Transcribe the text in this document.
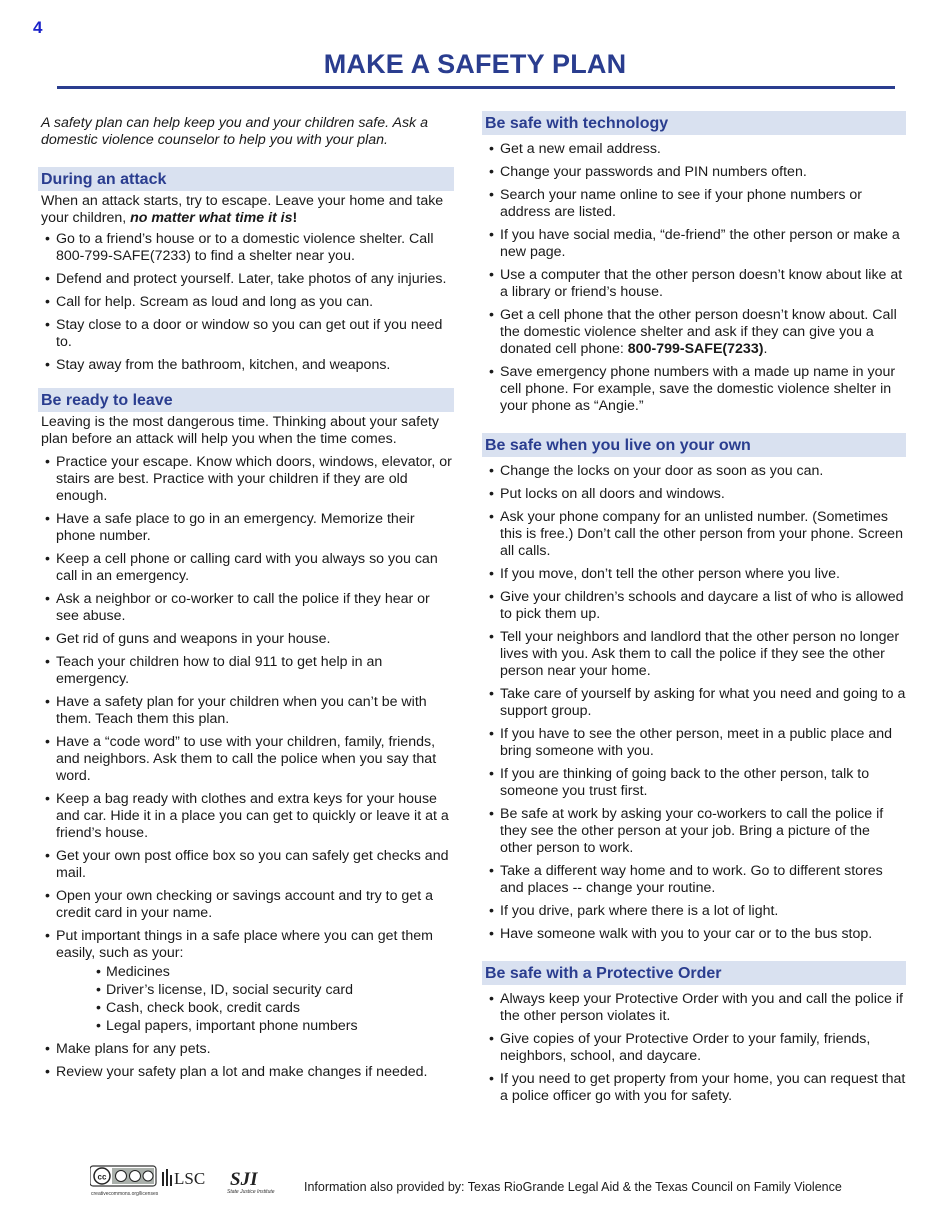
4
MAKE A SAFETY PLAN
A safety plan can help keep you and your children safe. Ask a domestic violence counselor to help you with your plan.
During an attack
When an attack starts, try to escape. Leave your home and take your children, no matter what time it is!
• Go to a friend’s house or to a domestic violence shelter. Call 800-799-SAFE(7233) to find a shelter near you.
• Defend and protect yourself. Later, take photos of any injuries.
• Call for help. Scream as loud and long as you can.
• Stay close to a door or window so you can get out if you need to.
• Stay away from the bathroom, kitchen, and weapons.
Be ready to leave
Leaving is the most dangerous time. Thinking about your safety plan before an attack will help you when the time comes.
• Practice your escape. Know which doors, windows, elevator, or stairs are best. Practice with your children if they are old enough.
• Have a safe place to go in an emergency. Memorize their phone number.
• Keep a cell phone or calling card with you always so you can call in an emergency.
• Ask a neighbor or co-worker to call the police if they hear or see abuse.
• Get rid of guns and weapons in your house.
• Teach your children how to dial 911 to get help in an emergency.
• Have a safety plan for your children when you can’t be with them. Teach them this plan.
• Have a “code word” to use with your children, family, friends, and neighbors. Ask them to call the police when you say that word.
• Keep a bag ready with clothes and extra keys for your house and car. Hide it in a place you can get to quickly or leave it at a friend’s house.
• Get your own post office box so you can safely get checks and mail.
• Open your own checking or savings account and try to get a credit card in your name.
• Put important things in a safe place where you can get them easily, such as your:
• Medicines
• Driver’s license, ID, social security card
• Cash, check book, credit cards
• Legal papers, important phone numbers
• Make plans for any pets.
• Review your safety plan a lot and make changes if needed.
Be safe with technology
• Get a new email address.
• Change your passwords and PIN numbers often.
• Search your name online to see if your phone numbers or address are listed.
• If you have social media, “de-friend” the other person or make a new page.
• Use a computer that the other person doesn’t know about like at a library or friend’s house.
• Get a cell phone that the other person doesn’t know about. Call the domestic violence shelter and ask if they can give you a donated cell phone: 800-799-SAFE(7233).
• Save emergency phone numbers with a made up name in your cell phone. For example, save the domestic violence shelter in your phone as “Angie.”
Be safe when you live on your own
• Change the locks on your door as soon as you can.
• Put locks on all doors and windows.
• Ask your phone company for an unlisted number. (Sometimes this is free.) Don’t call the other person from your phone. Screen all calls.
• If you move, don’t tell the other person where you live.
• Give your children’s schools and daycare a list of who is allowed to pick them up.
• Tell your neighbors and landlord that the other person no longer lives with you. Ask them to call the police if they see the other person near your home.
• Take care of yourself by asking for what you need and going to a support group.
• If you have to see the other person, meet in a public place and bring someone with you.
• If you are thinking of going back to the other person, talk to someone you trust first.
• Be safe at work by asking your co-workers to call the police if they see the other person at your job. Bring a picture of the other person to work.
• Take a different way home and to work. Go to different stores and places -- change your routine.
• If you drive, park where there is a lot of light.
• Have someone walk with you to your car or to the bus stop.
Be safe with a Protective Order
• Always keep your Protective Order with you and call the police if the other person violates it.
• Give copies of your Protective Order to your family, friends, neighbors, school, and daycare.
• If you need to get property from your home, you can request that a police officer go with you for safety.
cc
creativecommons.org/licenses
LSC SJI
State Justice Institute Information also provided by: Texas RioGrande Legal Aid & the Texas Council on Family Violence
